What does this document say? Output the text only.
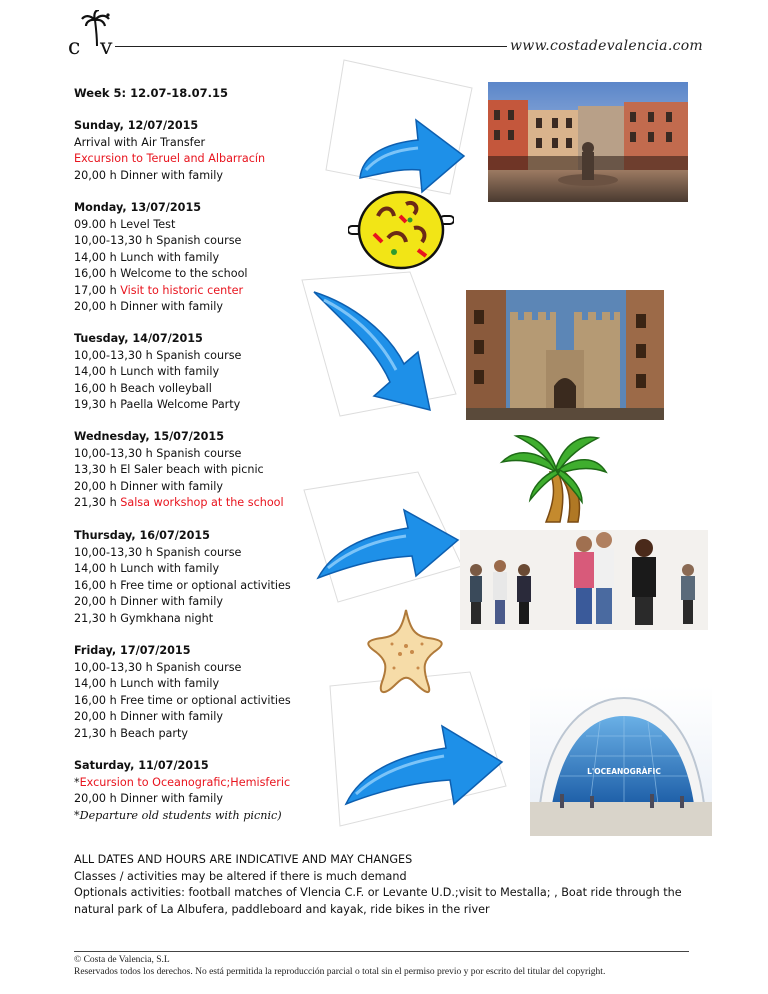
c v	www.costadevalencia.com
Week 5: 12.07-18.07.15
Sunday, 12/07/2015
Arrival with Air Transfer
Excursion to Teruel and Albarracín
20,00 h Dinner with family
Monday, 13/07/2015
09.00 h Level Test
10,00-13,30 h Spanish course
14,00 h Lunch with family
16,00 h Welcome to the school
17,00 h Visit to historic center
20,00 h Dinner with family
Tuesday, 14/07/2015
10,00-13,30 h Spanish course
14,00 h Lunch with family
16,00 h Beach volleyball
19,30 h Paella Welcome Party
Wednesday, 15/07/2015
10,00-13,30 h Spanish course
13,30 h El Saler beach with picnic
20,00 h Dinner with family
21,30 h Salsa workshop at the school
Thursday, 16/07/2015
10,00-13,30 h Spanish course
14,00 h Lunch with family
16,00 h Free time or optional activities
20,00 h Dinner with family
21,30 h Gymkhana night
Friday, 17/07/2015
10,00-13,30 h Spanish course
14,00 h Lunch with family
16,00 h Free time or optional activities
20,00 h Dinner with family
21,30 h Beach party
Saturday, 11/07/2015
*Excursion to Oceanografic;Hemisferic
20,00 h Dinner with family
*Departure old students with picnic)
ALL DATES AND HOURS ARE INDICATIVE AND MAY CHANGES
Classes / activities may be altered if there is much demand
Optionals activities: football matches of Vlencia C.F. or Levante U.D.;visit to Mestalla; , Boat ride through the natural park of La Albufera, paddleboard and kayak, ride bikes in the river
© Costa de Valencia, S.L
Reservados todos los derechos. No está permitida la reproducción parcial o total sin el permiso previo y por escrito del titular del copyright.
L'OCEANOGRÀFIC
